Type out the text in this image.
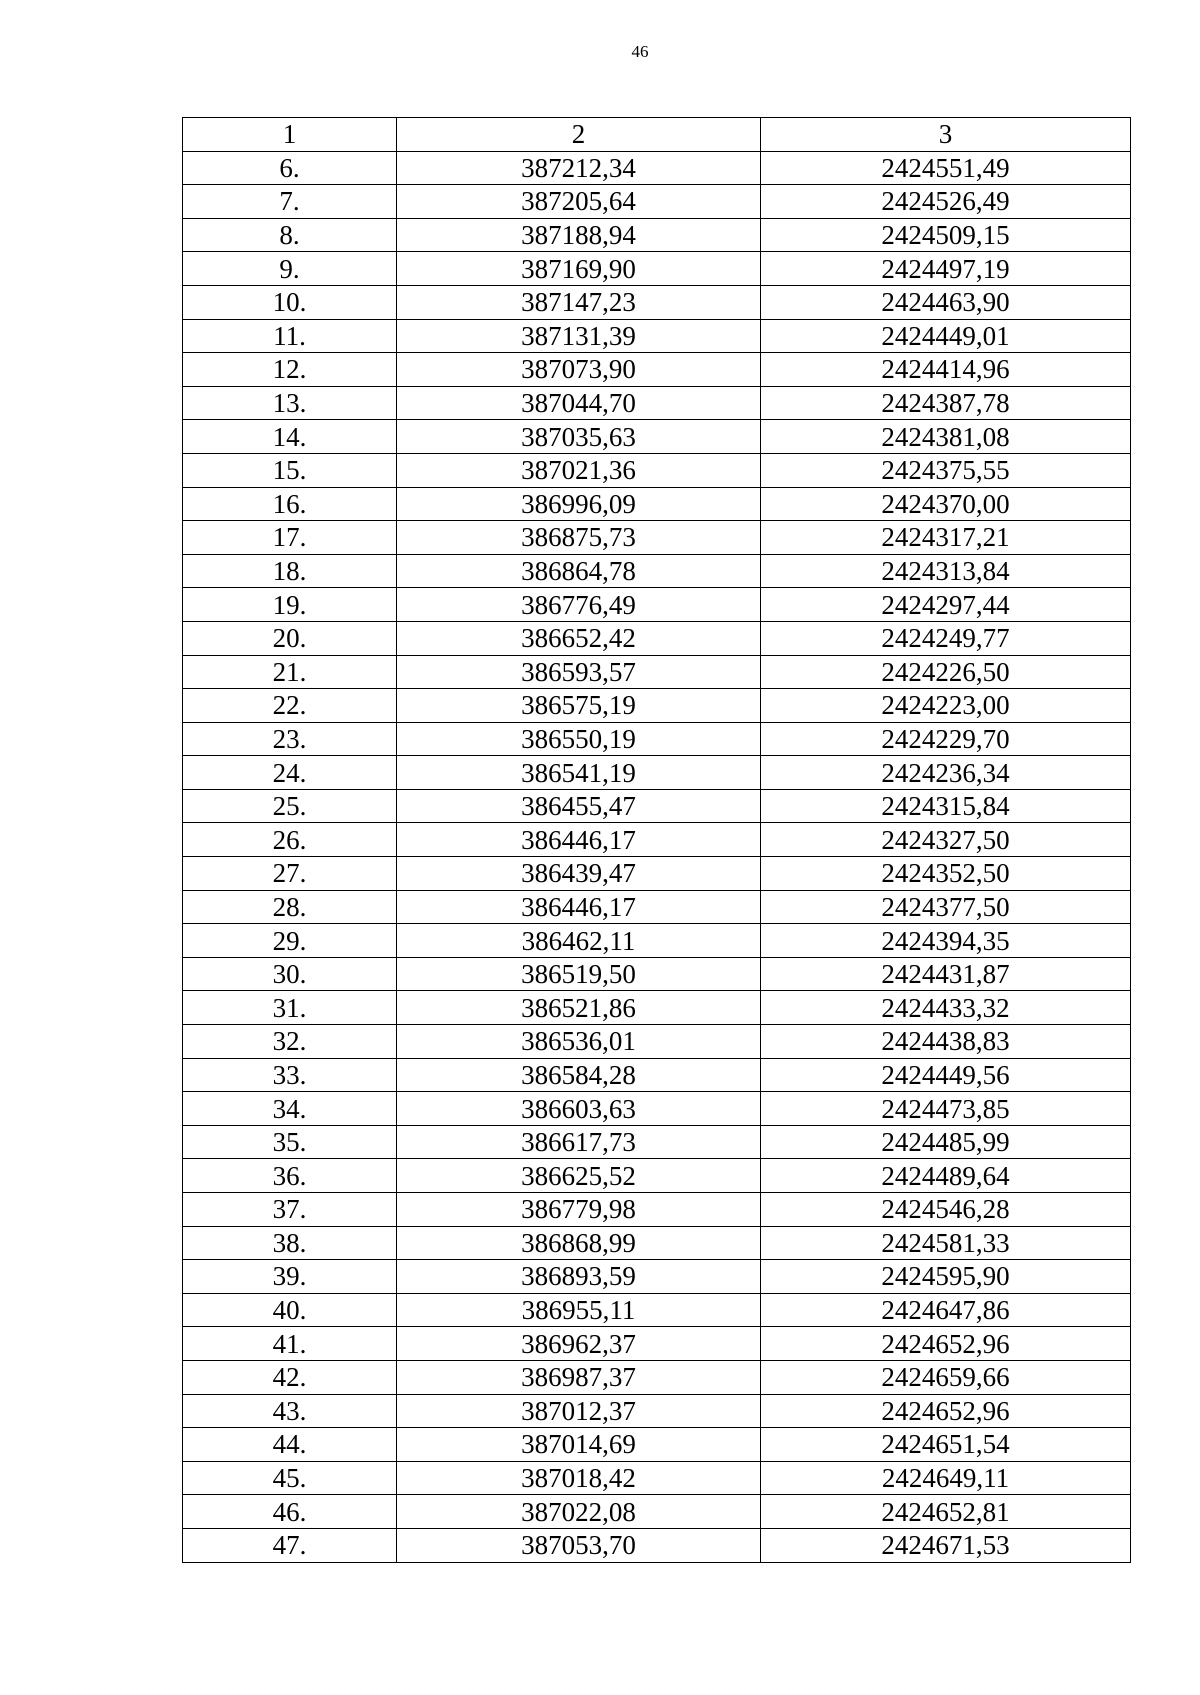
46
1	2	3
6.	387212,34	2424551,49
7.	387205,64	2424526,49
8.	387188,94	2424509,15
9.	387169,90	2424497,19
10.	387147,23	2424463,90
11.	387131,39	2424449,01
12.	387073,90	2424414,96
13.	387044,70	2424387,78
14.	387035,63	2424381,08
15.	387021,36	2424375,55
16.	386996,09	2424370,00
17.	386875,73	2424317,21
18.	386864,78	2424313,84
19.	386776,49	2424297,44
20.	386652,42	2424249,77
21.	386593,57	2424226,50
22.	386575,19	2424223,00
23.	386550,19	2424229,70
24.	386541,19	2424236,34
25.	386455,47	2424315,84
26.	386446,17	2424327,50
27.	386439,47	2424352,50
28.	386446,17	2424377,50
29.	386462,11	2424394,35
30.	386519,50	2424431,87
31.	386521,86	2424433,32
32.	386536,01	2424438,83
33.	386584,28	2424449,56
34.	386603,63	2424473,85
35.	386617,73	2424485,99
36.	386625,52	2424489,64
37.	386779,98	2424546,28
38.	386868,99	2424581,33
39.	386893,59	2424595,90
40.	386955,11	2424647,86
41.	386962,37	2424652,96
42.	386987,37	2424659,66
43.	387012,37	2424652,96
44.	387014,69	2424651,54
45.	387018,42	2424649,11
46.	387022,08	2424652,81
47.	387053,70	2424671,53
